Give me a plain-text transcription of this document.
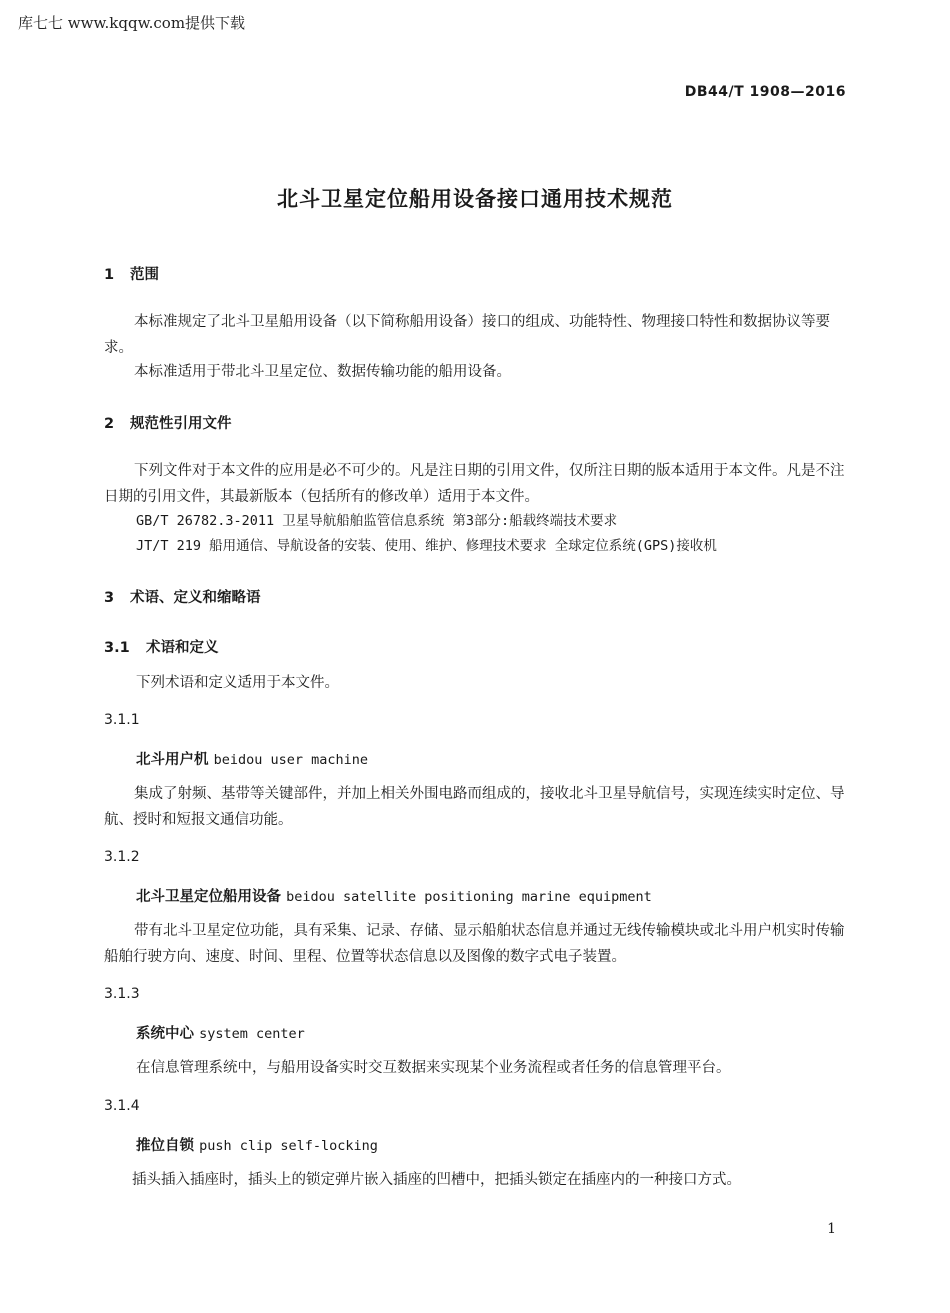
库七七 www.kqqw.com提供下载
DB44/T 1908—2016
北斗卫星定位船用设备接口通用技术规范
1 范围
本标准规定了北斗卫星船用设备（以下简称船用设备）接口的组成、功能特性、物理接口特性和数据协议等要求。
本标准适用于带北斗卫星定位、数据传输功能的船用设备。
2 规范性引用文件
下列文件对于本文件的应用是必不可少的。凡是注日期的引用文件，仅所注日期的版本适用于本文件。凡是不注日期的引用文件，其最新版本（包括所有的修改单）适用于本文件。
GB/T 26782.3-2011 卫星导航船舶监管信息系统 第3部分:船载终端技术要求
JT/T 219 船用通信、导航设备的安装、使用、维护、修理技术要求 全球定位系统(GPS)接收机
3 术语、定义和缩略语
3.1 术语和定义
下列术语和定义适用于本文件。
3.1.1
北斗用户机 beidou user machine
集成了射频、基带等关键部件，并加上相关外围电路而组成的，接收北斗卫星导航信号，实现连续实时定位、导航、授时和短报文通信功能。
3.1.2
北斗卫星定位船用设备 beidou satellite positioning marine equipment
带有北斗卫星定位功能，具有采集、记录、存储、显示船舶状态信息并通过无线传输模块或北斗用户机实时传输船舶行驶方向、速度、时间、里程、位置等状态信息以及图像的数字式电子装置。
3.1.3
系统中心 system center
在信息管理系统中，与船用设备实时交互数据来实现某个业务流程或者任务的信息管理平台。
3.1.4
推位自锁 push clip self-locking
插头插入插座时，插头上的锁定弹片嵌入插座的凹槽中，把插头锁定在插座内的一种接口方式。
1
